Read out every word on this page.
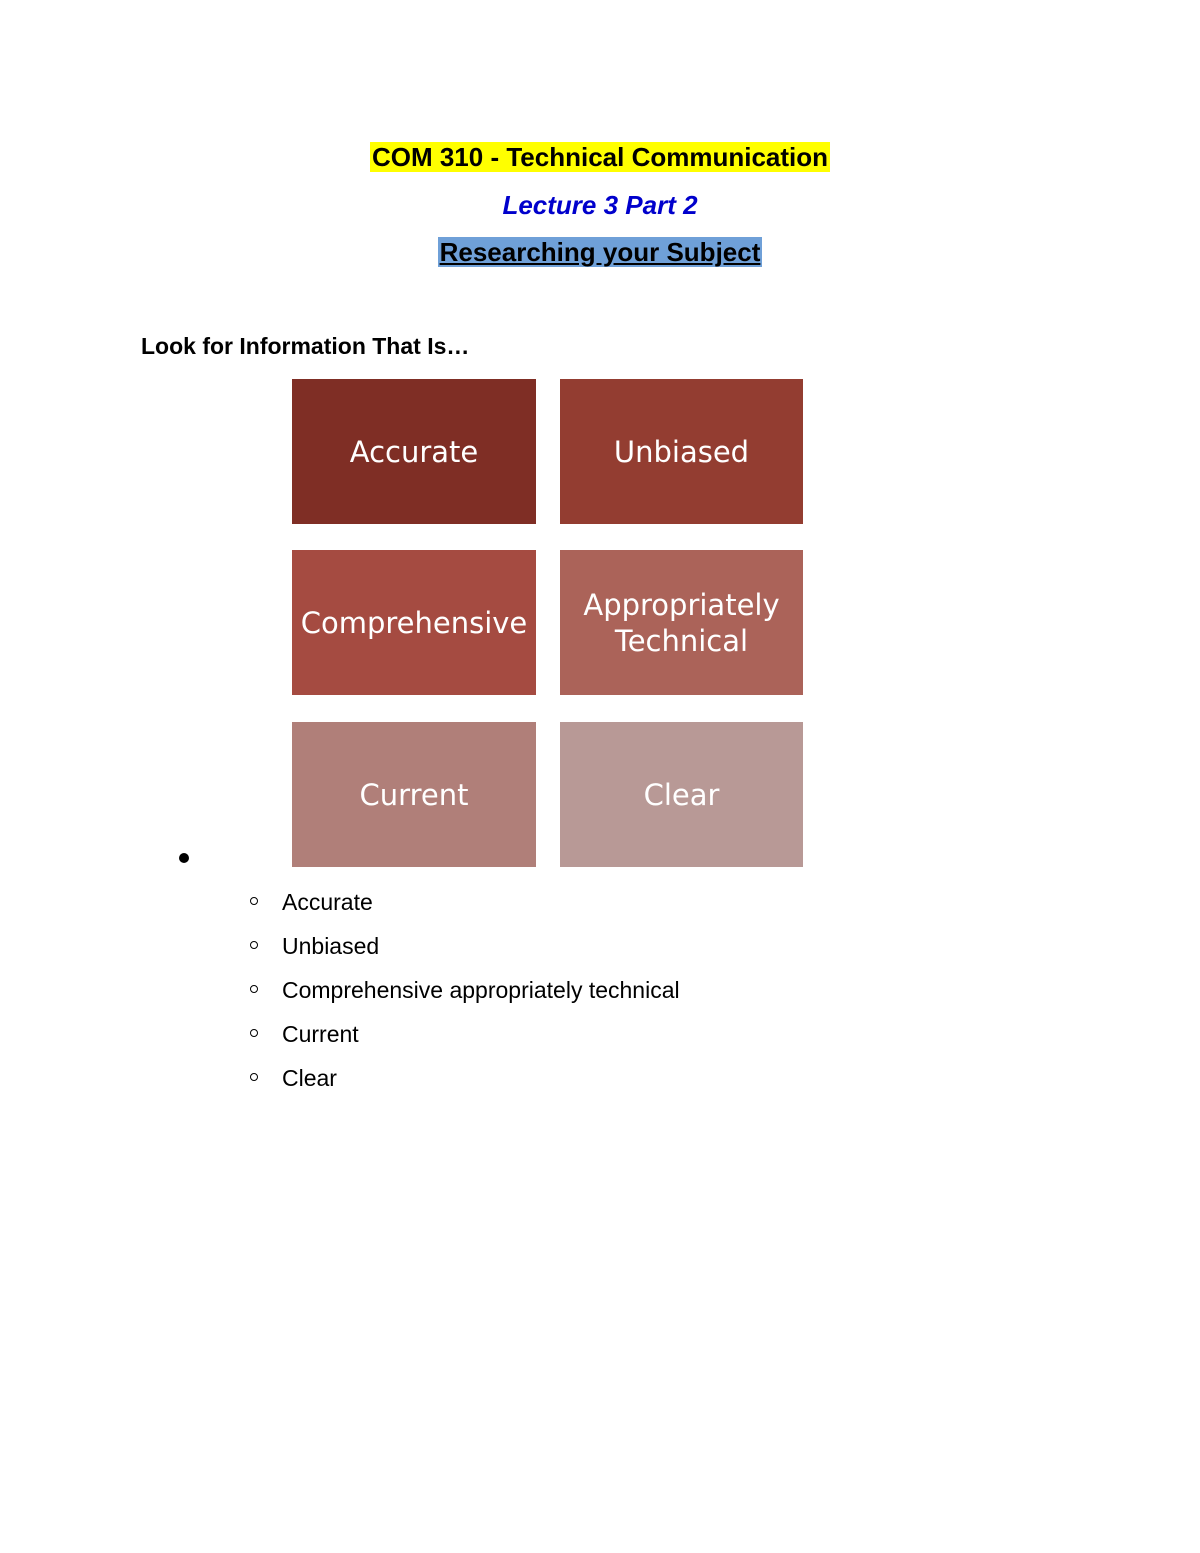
COM 310 - Technical Communication
Lecture 3 Part 2
Researching your Subject
Look for Information That Is…
Accurate	Unbiased
Comprehensive
Appropriately
Technical
Current	Clear
Accurate
Unbiased
Comprehensive appropriately technical
Current
Clear
